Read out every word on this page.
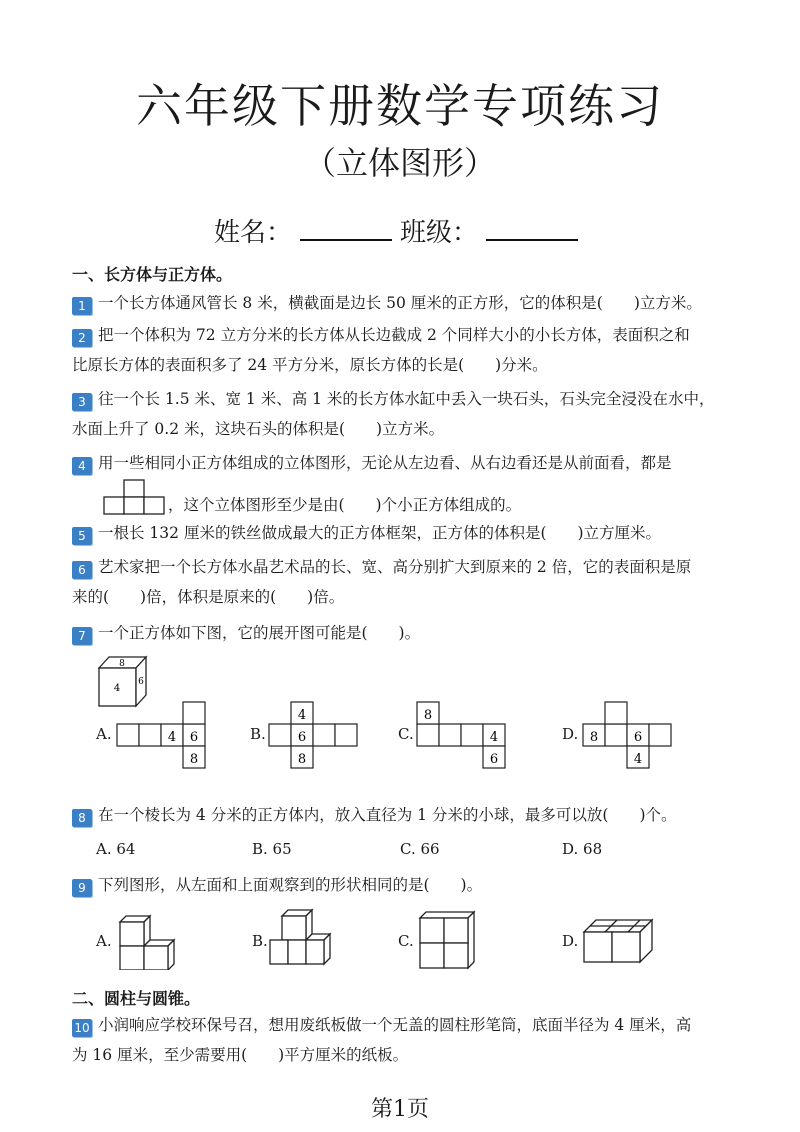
六年级下册数学专项练习
（立体图形）
姓名：	班级：
一、长方体与正方体。
1 一个长方体通风管长 8 米，横截面是边长 50 厘米的正方形，它的体积是(　　)立方米。
2 把一个体积为 72 立方分米的长方体从长边截成 2 个同样大小的小长方体，表面积之和
比原长方体的表面积多了 24 平方分米，原长方体的长是(　　)分米。
3 往一个长 1.5 米、宽 1 米、高 1 米的长方体水缸中丢入一块石头，石头完全浸没在水中，
水面上升了 0.2 米，这块石头的体积是(　　)立方米。
4 用一些相同小正方体组成的立体图形，无论从左边看、从右边看还是从前面看，都是
，这个立体图形至少是由(　　)个小正方体组成的。
5 一根长 132 厘米的铁丝做成最大的正方体框架，正方体的体积是(　　)立方厘米。
6 艺术家把一个长方体水晶艺术品的长、宽、高分别扩大到原来的 2 倍，它的表面积是原
来的(　　)倍，体积是原来的(　　)倍。
7 一个正方体如下图，它的展开图可能是(　　)。
8
4
6
A.	4 6
8
B.
4
6
8
C.
8
4
6
D. 8	6
4
8 在一个棱长为 4 分米的正方体内，放入直径为 1 分米的小球，最多可以放(　　)个。
A. 64	B. 65	C. 66	D. 68
9 下列图形，从左面和上面观察到的形状相同的是(　　)。
A.	B.	C.	D.
二、圆柱与圆锥。
10 小润响应学校环保号召，想用废纸板做一个无盖的圆柱形笔筒，底面半径为 4 厘米，高
为 16 厘米，至少需要用(　　)平方厘米的纸板。
第1页
